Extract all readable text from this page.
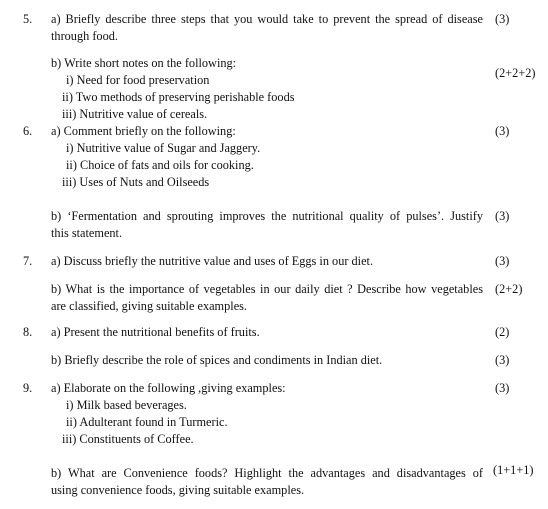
5. a) Briefly describe three steps that you would take to prevent the spread of disease (3)
through food.
b) Write short notes on the following:
i) Need for food preservation	(2+2+2)
ii) Two methods of preserving perishable foods
iii) Nutritive value of cereals.
6. a) Comment briefly on the following:	(3)
i) Nutritive value of Sugar and Jaggery.
ii) Choice of fats and oils for cooking.
iii) Uses of Nuts and Oilseeds
b) ‘Fermentation and sprouting improves the nutritional quality of pulses’. Justify (3)
this statement.
7. a) Discuss briefly the nutritive value and uses of Eggs in our diet.	(3)
b) What is the importance of vegetables in our daily diet ? Describe how vegetables (2+2)
are classified, giving suitable examples.
8. a) Present the nutritional benefits of fruits.	(2)
b) Briefly describe the role of spices and condiments in Indian diet.	(3)
9. a) Elaborate on the following ,giving examples:	(3)
i) Milk based beverages.
ii) Adulterant found in Turmeric.
iii) Constituents of Coffee.
b) What are Convenience foods? Highlight the advantages and disadvantages of (1+1+1)
using convenience foods, giving suitable examples.
